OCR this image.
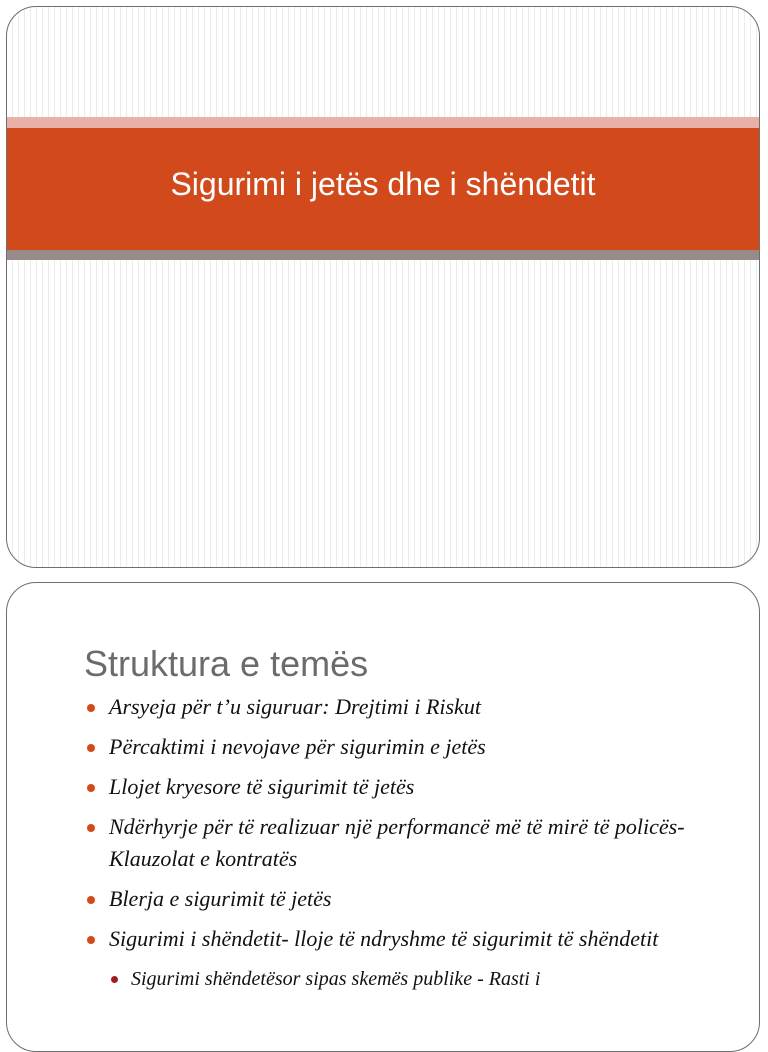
Sigurimi i jetës dhe i shëndetit
Struktura e temës
Arsyeja për t’u siguruar: Drejtimi i Riskut
Përcaktimi i nevojave për sigurimin e jetës
Llojet kryesore të sigurimit të jetës
Ndërhyrje për të realizuar një performancë më të mirë të policës- Klauzolat e kontratës
Blerja e sigurimit të jetës
Sigurimi i shëndetit- lloje të ndryshme të sigurimit të shëndetit
Sigurimi shëndetësor sipas skemës publike - Rasti i
